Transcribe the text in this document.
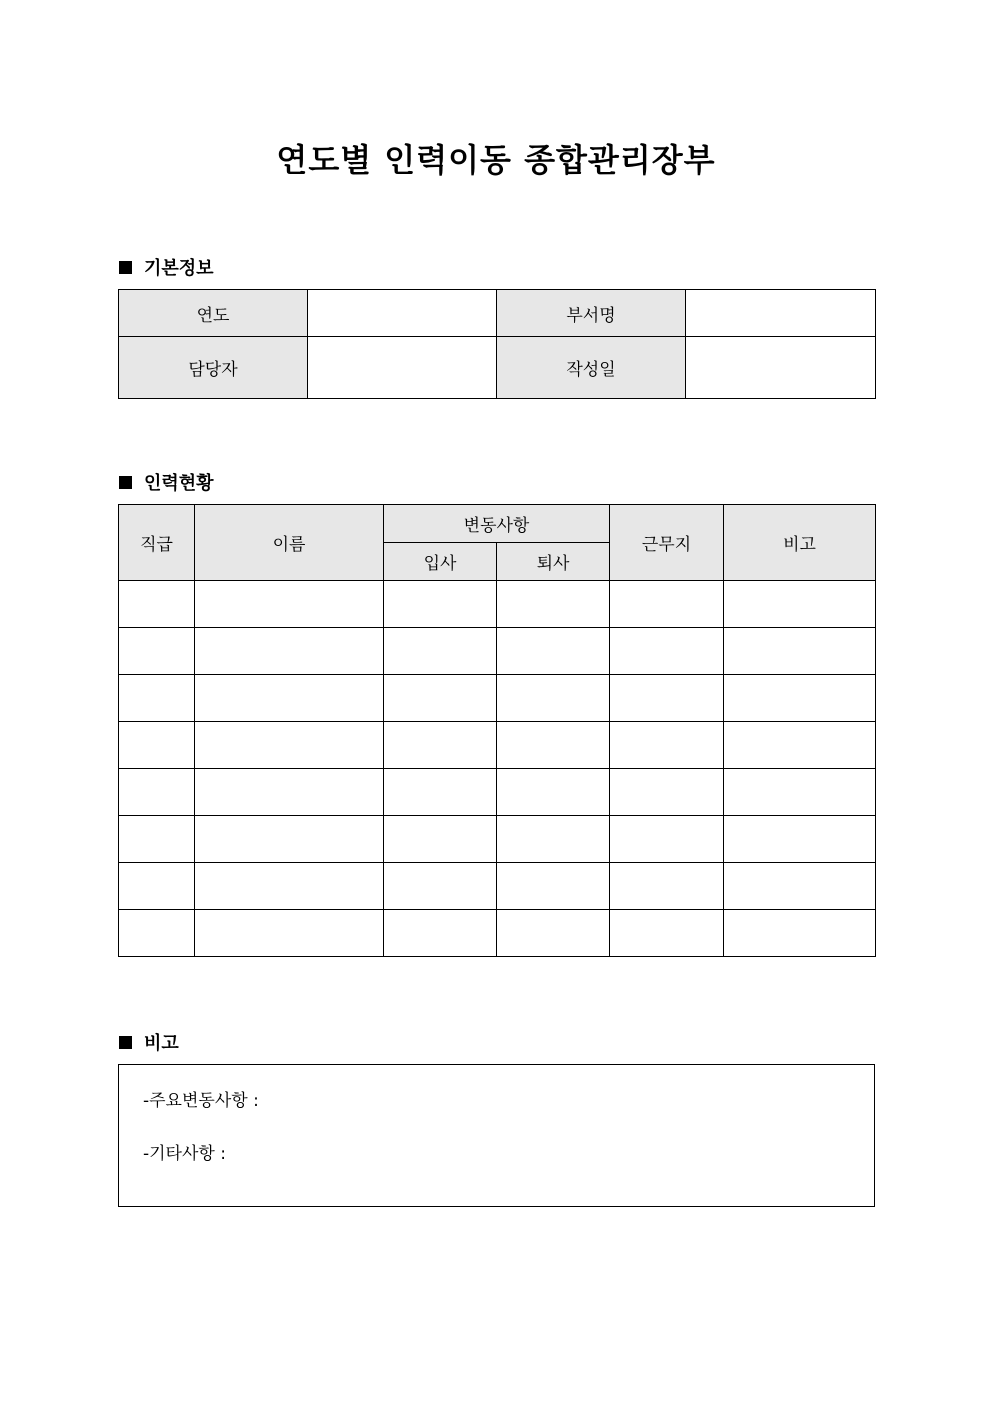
연도별 인력이동 종합관리장부
기본정보
연도		부서명	
담당자		작성일	
인력현황
직급	이름	변동사항		근무지	비고
		입사	퇴사		

비고
-주요변동사항 :
-기타사항 :
